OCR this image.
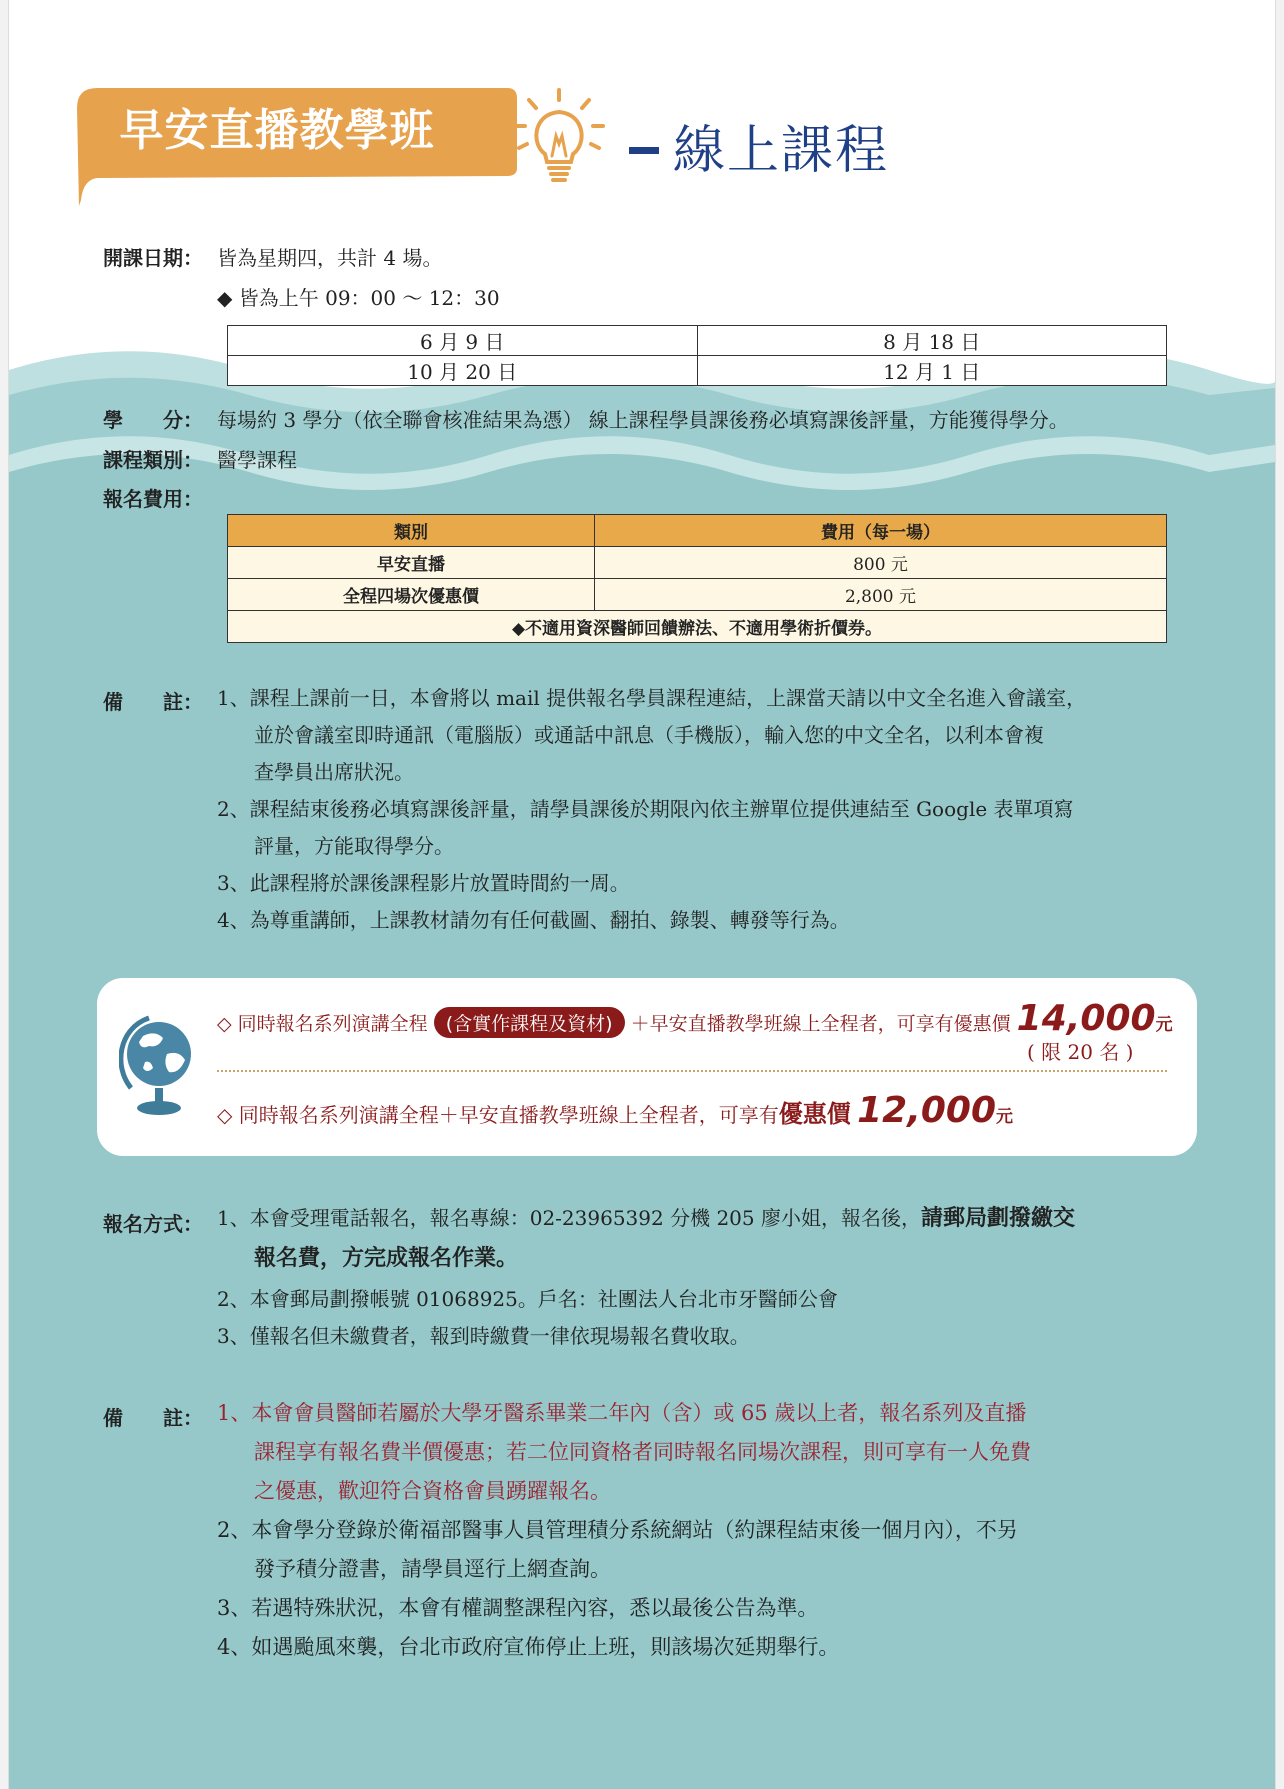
早安直播教學班	線上課程
開課日期： 皆為星期四，共計 4 場。
◆ 皆為上午 09：00 ～ 12：30
6 月 9 日	8 月 18 日
10 月 20 日	12 月 1 日
學　　分： 每場約 3 學分（依全聯會核准結果為憑） 線上課程學員課後務必填寫課後評量，方能獲得學分。
課程類別： 醫學課程
報名費用：
類別	費用（每一場）
早安直播	800 元
全程四場次優惠價	2,800 元
◆不適用資深醫師回饋辦法、不適用學術折價券。	
備　　註： 1、課程上課前一日，本會將以 mail 提供報名學員課程連結，上課當天請以中文全名進入會議室，
並於會議室即時通訊（電腦版）或通話中訊息（手機版），輸入您的中文全名，以利本會複
查學員出席狀況。
2、課程結束後務必填寫課後評量，請學員課後於期限內依主辦單位提供連結至 Google 表單項寫
評量，方能取得學分。
3、此課程將於課後課程影片放置時間約一周。
4、為尊重講師，上課教材請勿有任何截圖、翻拍、錄製、轉發等行為。
◇ 同時報名系列演講全程 (含實作課程及資材) ＋早安直播教學班線上全程者，可享有優惠價 14,000元
( 限 20 名 )
◇ 同時報名系列演講全程＋早安直播教學班線上全程者，可享有優惠價 12,000元
報名方式： 1、本會受理電話報名，報名專線：02-23965392 分機 205 廖小姐，報名後，請郵局劃撥繳交
報名費，方完成報名作業。
2、本會郵局劃撥帳號 01068925。戶名：社團法人台北市牙醫師公會
3、僅報名但未繳費者，報到時繳費一律依現場報名費收取。
備　　註： 1、本會會員醫師若屬於大學牙醫系畢業二年內（含）或 65 歲以上者，報名系列及直播
課程享有報名費半價優惠；若二位同資格者同時報名同場次課程，則可享有一人免費
之優惠，歡迎符合資格會員踴躍報名。
2、本會學分登錄於衛福部醫事人員管理積分系統網站（約課程結束後一個月內），不另
發予積分證書，請學員逕行上網查詢。
3、若遇特殊狀況，本會有權調整課程內容，悉以最後公告為準。
4、如遇颱風來襲，台北市政府宣佈停止上班，則該場次延期舉行。
